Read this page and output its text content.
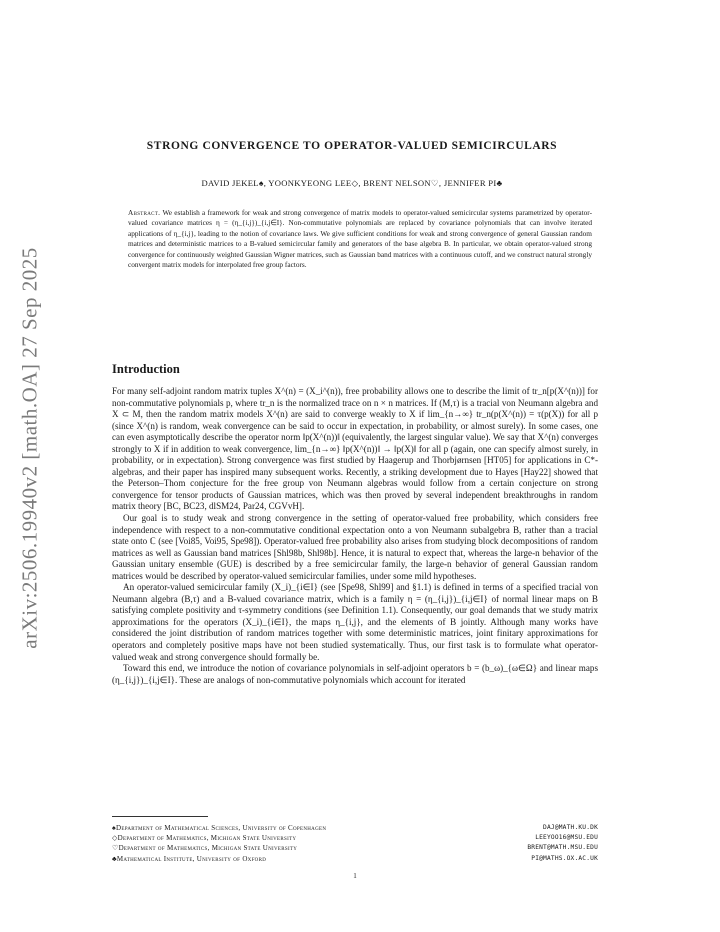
arXiv:2506.19940v2 [math.OA] 27 Sep 2025
STRONG CONVERGENCE TO OPERATOR-VALUED SEMICIRCULARS
DAVID JEKEL♠, YOONKYEONG LEE◇, BRENT NELSON♡, JENNIFER PI♣
Abstract. We establish a framework for weak and strong convergence of matrix models to operator-valued semicircular systems parametrized by operator-valued covariance matrices η = (η_{i,j})_{i,j∈I}. Non-commutative polynomials are replaced by covariance polynomials that can involve iterated applications of η_{i,j}, leading to the notion of covariance laws. We give sufficient conditions for weak and strong convergence of general Gaussian random matrices and deterministic matrices to a B-valued semicircular family and generators of the base algebra B. In particular, we obtain operator-valued strong convergence for continuously weighted Gaussian Wigner matrices, such as Gaussian band matrices with a continuous cutoff, and we construct natural strongly convergent matrix models for interpolated free group factors.
Introduction

For many self-adjoint random matrix tuples X^(n) = (X_i^(n)), free probability allows one to describe the limit of tr_n[p(X^(n))] for non-commutative polynomials p, where tr_n is the normalized trace on n × n matrices. If (M,τ) is a tracial von Neumann algebra and X ⊂ M, then the random matrix models X^(n) are said to converge weakly to X if lim_{n→∞} tr_n(p(X^(n)) = τ(p(X)) for all p (since X^(n) is random, weak convergence can be said to occur in expectation, in probability, or almost surely). In some cases, one can even asymptotically describe the operator norm ‖p(X^(n))‖ (equivalently, the largest singular value). We say that X^(n) converges strongly to X if in addition to weak convergence, lim_{n→∞} ‖p(X^(n))‖ → ‖p(X)‖ for all p (again, one can specify almost surely, in probability, or in expectation). Strong convergence was first studied by Haagerup and Thorbjørnsen [HT05] for applications in C*-algebras, and their paper has inspired many subsequent works. Recently, a striking development due to Hayes [Hay22] showed that the Peterson–Thom conjecture for the free group von Neumann algebras would follow from a certain conjecture on strong convergence for tensor products of Gaussian matrices, which was then proved by several independent breakthroughs in random matrix theory [BC, BC23, dlSM24, Par24, CGVvH].

Our goal is to study weak and strong convergence in the setting of operator-valued free probability, which considers free independence with respect to a non-commutative conditional expectation onto a von Neumann subalgebra B, rather than a tracial state onto ℂ (see [Voi85, Voi95, Spe98]). Operator-valued free probability also arises from studying block decompositions of random matrices as well as Gaussian band matrices [Shl98b, Shl98b]. Hence, it is natural to expect that, whereas the large-n behavior of the Gaussian unitary ensemble (GUE) is described by a free semicircular family, the large-n behavior of general Gaussian random matrices would be described by operator-valued semicircular families, under some mild hypotheses.

An operator-valued semicircular family (X_i)_{i∈I} (see [Spe98, Shl99] and §1.1) is defined in terms of a specified tracial von Neumann algebra (B,τ) and a B-valued covariance matrix, which is a family η = (η_{i,j})_{i,j∈I} of normal linear maps on B satisfying complete positivity and τ-symmetry conditions (see Definition 1.1). Consequently, our goal demands that we study matrix approximations for the operators (X_i)_{i∈I}, the maps η_{i,j}, and the elements of B jointly. Although many works have considered the joint distribution of random matrices together with some deterministic matrices, joint finitary approximations for operators and completely positive maps have not been studied systematically. Thus, our first task is to formulate what operator-valued weak and strong convergence should formally be.

Toward this end, we introduce the notion of covariance polynomials in self-adjoint operators b = (b_ω)_{ω∈Ω} and linear maps (η_{i,j})_{i,j∈I}. These are analogs of non-commutative polynomials which account for iterated

♠Department of Mathematical Sciences, University of Copenhagen	DAJ@MATH.KU.DK
◇Department of Mathematics, Michigan State University	LEEYOO16@MSU.EDU
♡Department of Mathematics, Michigan State University	BRENT@MATH.MSU.EDU
♣Mathematical Institute, University of Oxford	PI@MATHS.OX.AC.UK
1
